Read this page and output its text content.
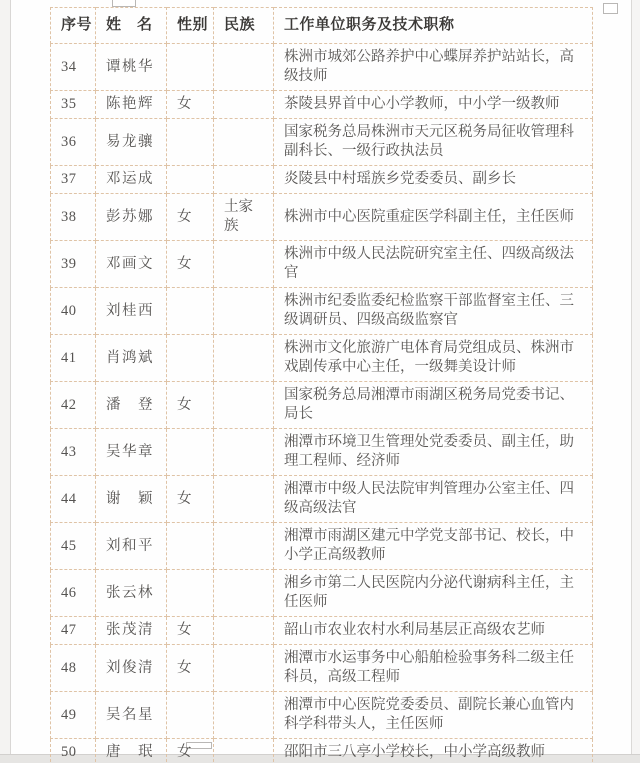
序号	姓　名	性别	民族	工作单位职务及技术职称
34	谭桃华			株洲市城郊公路养护中心蝶屏养护站站长，高级技师
35	陈艳辉	女		茶陵县界首中心小学教师，中小学一级教师
36	易龙骧			国家税务总局株洲市天元区税务局征收管理科副科长、一级行政执法员
37	邓运成			炎陵县中村瑶族乡党委委员、副乡长
38	彭苏娜	女	土家族	株洲市中心医院重症医学科副主任，主任医师
39	邓画文	女		株洲市中级人民法院研究室主任、四级高级法官
40	刘桂西			株洲市纪委监委纪检监察干部监督室主任、三级调研员、四级高级监察官
41	肖鸿斌			株洲市文化旅游广电体育局党组成员、株洲市戏剧传承中心主任，一级舞美设计师
42	潘　登	女		国家税务总局湘潭市雨湖区税务局党委书记、局长
43	吴华章			湘潭市环境卫生管理处党委委员、副主任，助理工程师、经济师
44	谢　颖	女		湘潭市中级人民法院审判管理办公室主任、四级高级法官
45	刘和平			湘潭市雨湖区建元中学党支部书记、校长，中小学正高级教师
46	张云林			湘乡市第二人民医院内分泌代谢病科主任，主任医师
47	张茂清	女		韶山市农业农村水利局基层正高级农艺师
48	刘俊清	女		湘潭市水运事务中心船舶检验事务科二级主任科员，高级工程师
49	吴名星			湘潭市中心医院党委委员、副院长兼心血管内科学科带头人，主任医师
50	唐　珉	女		邵阳市三八亭小学校长，中小学高级教师
